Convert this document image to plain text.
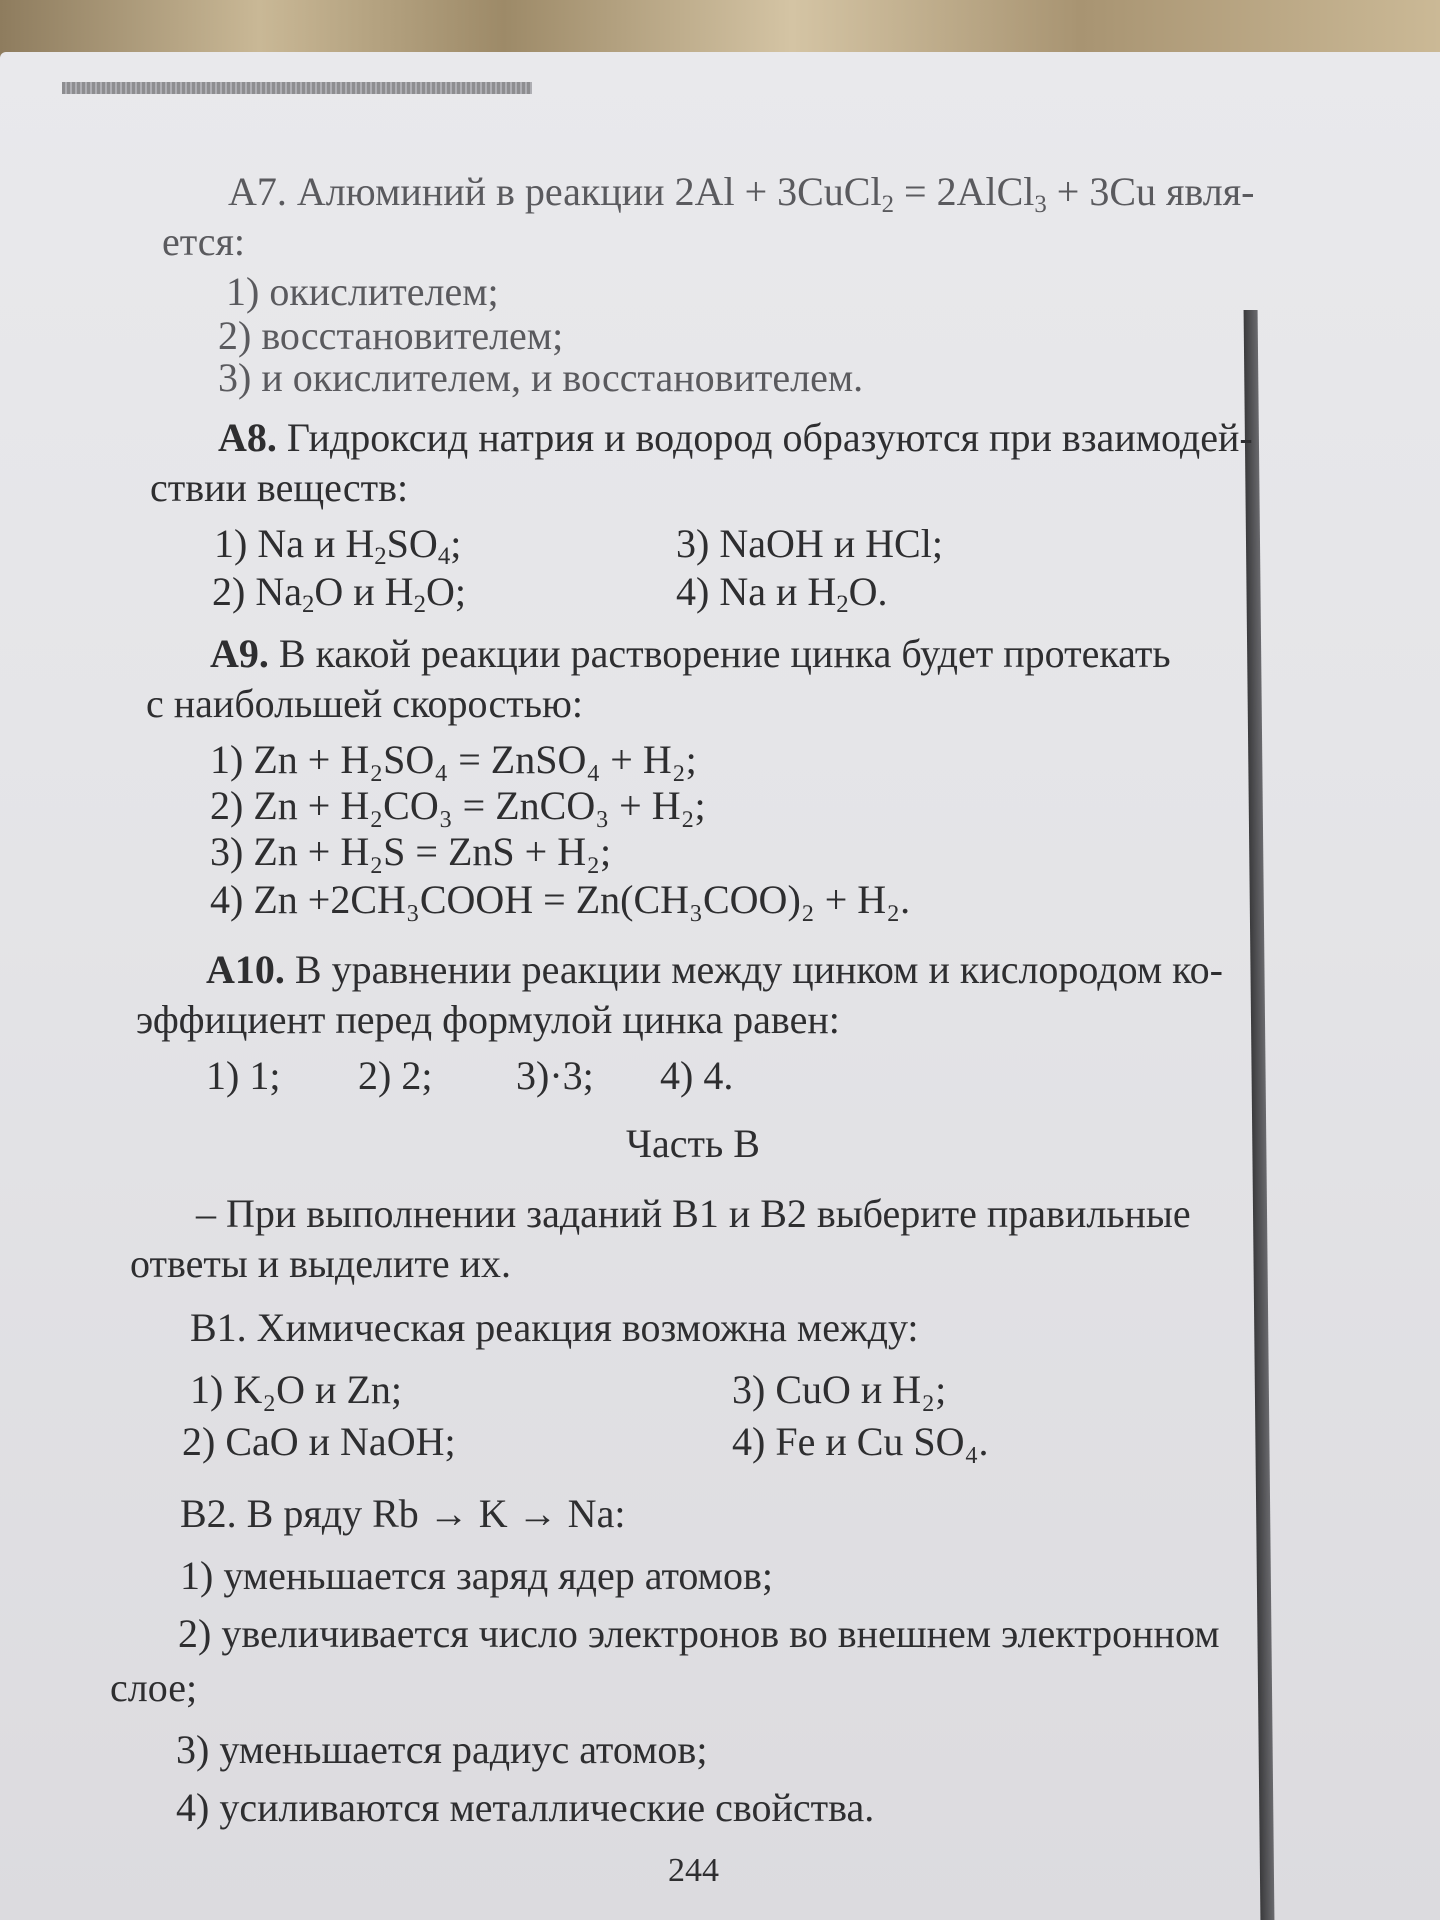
А7. Алюминий в реакции 2Al + 3CuCl$_2$ = 2AlCl$_3$ + 3Cu явля-
ется:
1) окислителем;
2) восстановителем;
3) и окислителем, и восстановителем.
А8. Гидроксид натрия и водород образуются при взаимодей-
ствии веществ:
1) Na и $H_2SO_4$;	3) NaOH и HCl;
2) $Na_2O$ и $H_2O$;	4) Na и $H_2O$.
А9. В какой реакции растворение цинка будет протекать
с наибольшей скоростью:
1) Zn + H₂SO₄ = ZnSO₄ + H₂;
2) Zn + H₂CO₃ = ZnCO₃ + H₂;
3) Zn + H₂S = ZnS + H₂;
4) Zn +2CH₃COOH = Zn(CH₃COO)₂ + H₂.
А10. В уравнении реакции между цинком и кислородом ко-
эффициент перед формулой цинка равен:
1) 1; 2) 2; 3)·3; 4) 4.
Часть В
– При выполнении заданий В1 и В2 выберите правильные
ответы и выделите их.
В1. Химическая реакция возможна между:
1) K₂O и Zn;	3) CuO и H₂;
2) CaO и NaOH;	4) Fe и Cu SO₄.
В2. В ряду Rb → K → Na:
1) уменьшается заряд ядер атомов;
2) увеличивается число электронов во внешнем электронном
слое;
3) уменьшается радиус атомов;
4) усиливаются металлические свойства.
244
